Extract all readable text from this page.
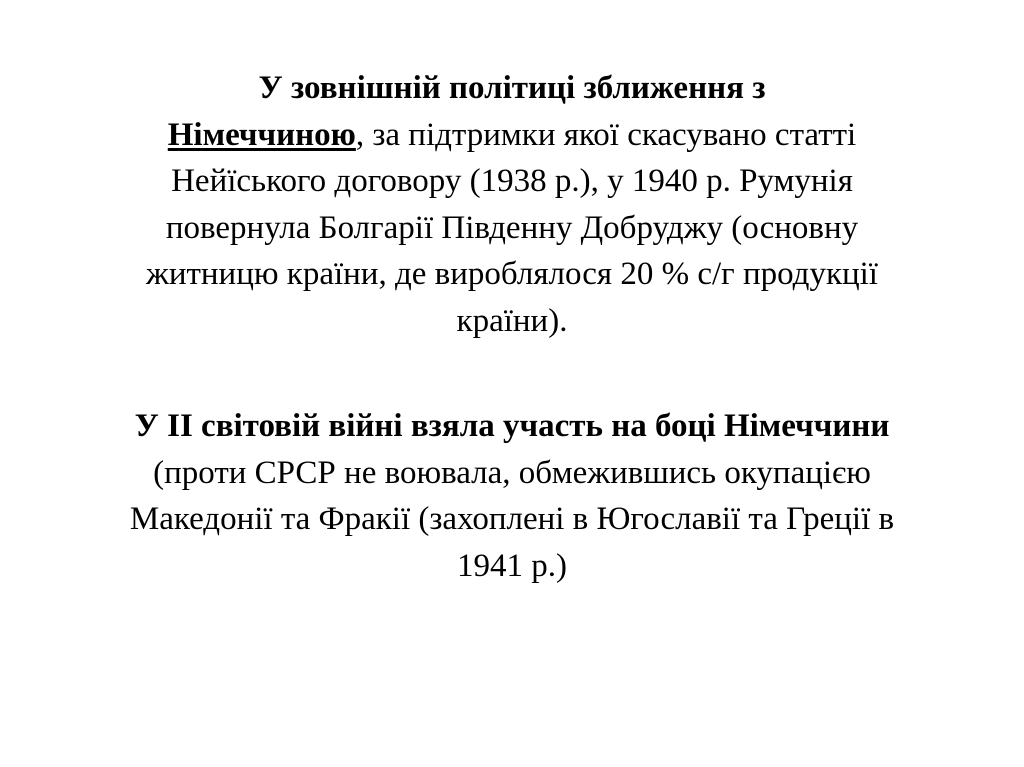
У зовнішній політиці зближення з
Німеччиною, за підтримки якої скасувано статті Нейїського договору (1938 р.), у 1940 р. Румунія повернула Болгарії Південну Добруджу (основну житницю країни, де вироблялося 20 % с/г продукції країни).
У ІІ світовій війні взяла участь на боці Німеччини (проти СРСР не воювала, обмежившись окупацією Македонії та Фракії (захоплені в Югославії та Греції в 1941 р.)
